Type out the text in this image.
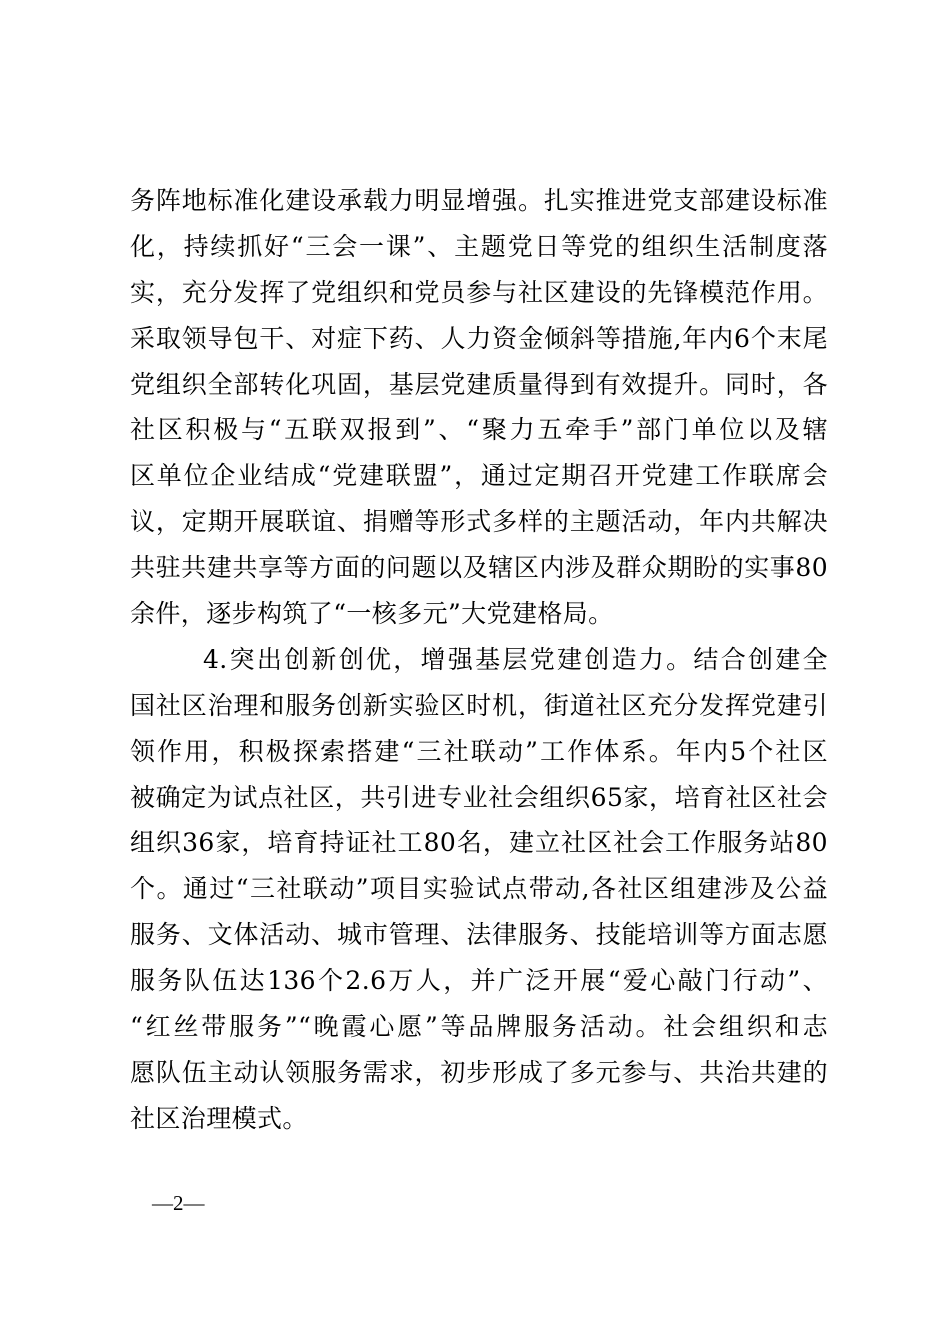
务阵地标准化建设承载力明显增强。扎实推进党支部建设标准
化，持续抓好“三会一课”、主题党日等党的组织生活制度落
实，充分发挥了党组织和党员参与社区建设的先锋模范作用。
采取领导包干、对症下药、人力资金倾斜等措施,年内6个末尾
党组织全部转化巩固，基层党建质量得到有效提升。同时，各
社区积极与“五联双报到”、“聚力五牵手”部门单位以及辖
区单位企业结成“党建联盟”，通过定期召开党建工作联席会
议，定期开展联谊、捐赠等形式多样的主题活动，年内共解决
共驻共建共享等方面的问题以及辖区内涉及群众期盼的实事80
余件，逐步构筑了“一核多元”大党建格局。
4.突出创新创优，增强基层党建创造力。结合创建全
国社区治理和服务创新实验区时机，街道社区充分发挥党建引
领作用，积极探索搭建“三社联动”工作体系。年内5个社区
被确定为试点社区，共引进专业社会组织65家，培育社区社会
组织36家，培育持证社工80名，建立社区社会工作服务站80
个。通过“三社联动”项目实验试点带动,各社区组建涉及公益
服务、文体活动、城市管理、法律服务、技能培训等方面志愿
服务队伍达136个2.6万人，并广泛开展“爱心敲门行动”、
“红丝带服务”“晚霞心愿”等品牌服务活动。社会组织和志
愿队伍主动认领服务需求，初步形成了多元参与、共治共建的
社区治理模式。
—2—
